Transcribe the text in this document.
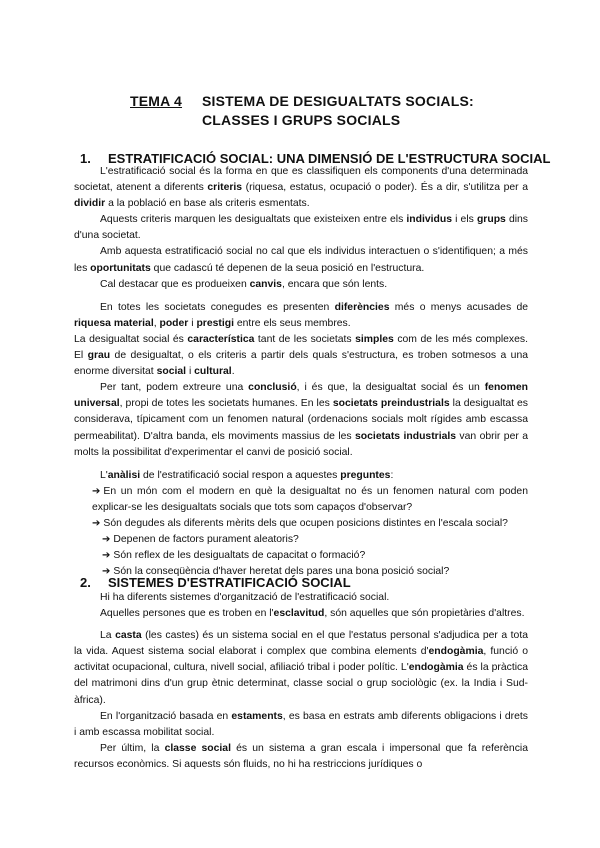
TEMA 4	SISTEMA DE DESIGUALTATS SOCIALS:
CLASSES I GRUPS SOCIALS
1. ESTRATIFICACIÓ SOCIAL: UNA DIMENSIÓ DE L'ESTRUCTURA SOCIAL

L'estratificació social és la forma en que es classifiquen els components d'una determinada societat, atenent a diferents criteris (riquesa, estatus, ocupació o poder). És a dir, s'utilitza per a dividir a la població en base als criteris esmentats.

Aquests criteris marquen les desigualtats que existeixen entre els individus i els grups dins d'una societat.

Amb aquesta estratificació social no cal que els individus interactuen o s'identifiquen; a més les oportunitats que cadascú té depenen de la seua posició en l'estructura.

Cal destacar que es produeixen canvis, encara que són lents.

En totes les societats conegudes es presenten diferències més o menys acusades de riquesa material, poder i prestigi entre els seus membres.

La desigualtat social és característica tant de les societats simples com de les més complexes. El grau de desigualtat, o els criteris a partir dels quals s'estructura, es troben sotmesos a una enorme diversitat social i cultural.

Per tant, podem extreure una conclusió, i és que, la desigualtat social és un fenomen universal, propi de totes les societats humanes. En les societats preindustrials la desigualtat es considerava, típicament com un fenomen natural (ordenacions socials molt rígides amb escassa permeabilitat). D'altra banda, els moviments massius de les societats industrials van obrir per a molts la possibilitat d'experimentar el canvi de posició social.

L'anàlisi de l'estratificació social respon a aquestes preguntes:

➔ En un món com el modern en què la desigualtat no és un fenomen natural com poden explicar-se les desigualtats socials que tots som capaços d'observar?

➔ Són degudes als diferents mèrits dels que ocupen posicions distintes en l'escala social?

➔ Depenen de factors purament aleatoris?

➔ Són reflex de les desigualtats de capacitat o formació?

➔ Són la conseqüència d'haver heretat dels pares una bona posició social?

2. SISTEMES D'ESTRATIFICACIÓ SOCIAL

Hi ha diferents sistemes d'organització de l'estratificació social.

Aquelles persones que es troben en l'esclavitud, són aquelles que són propietàries d'altres.

La casta (les castes) és un sistema social en el que l'estatus personal s'adjudica per a tota la vida. Aquest sistema social elaborat i complex que combina elements d'endogàmia, funció o activitat ocupacional, cultura, nivell social, afiliació tribal i poder polític. L'endogàmia és la pràctica del matrimoni dins d'un grup ètnic determinat, classe social o grup sociològic (ex. la India i Sud-àfrica).

En l'organització basada en estaments, es basa en estrats amb diferents obligacions i drets i amb escassa mobilitat social.

Per últim, la classe social és un sistema a gran escala i impersonal que fa referència recursos econòmics. Si aquests són fluids, no hi ha restriccions jurídiques o
